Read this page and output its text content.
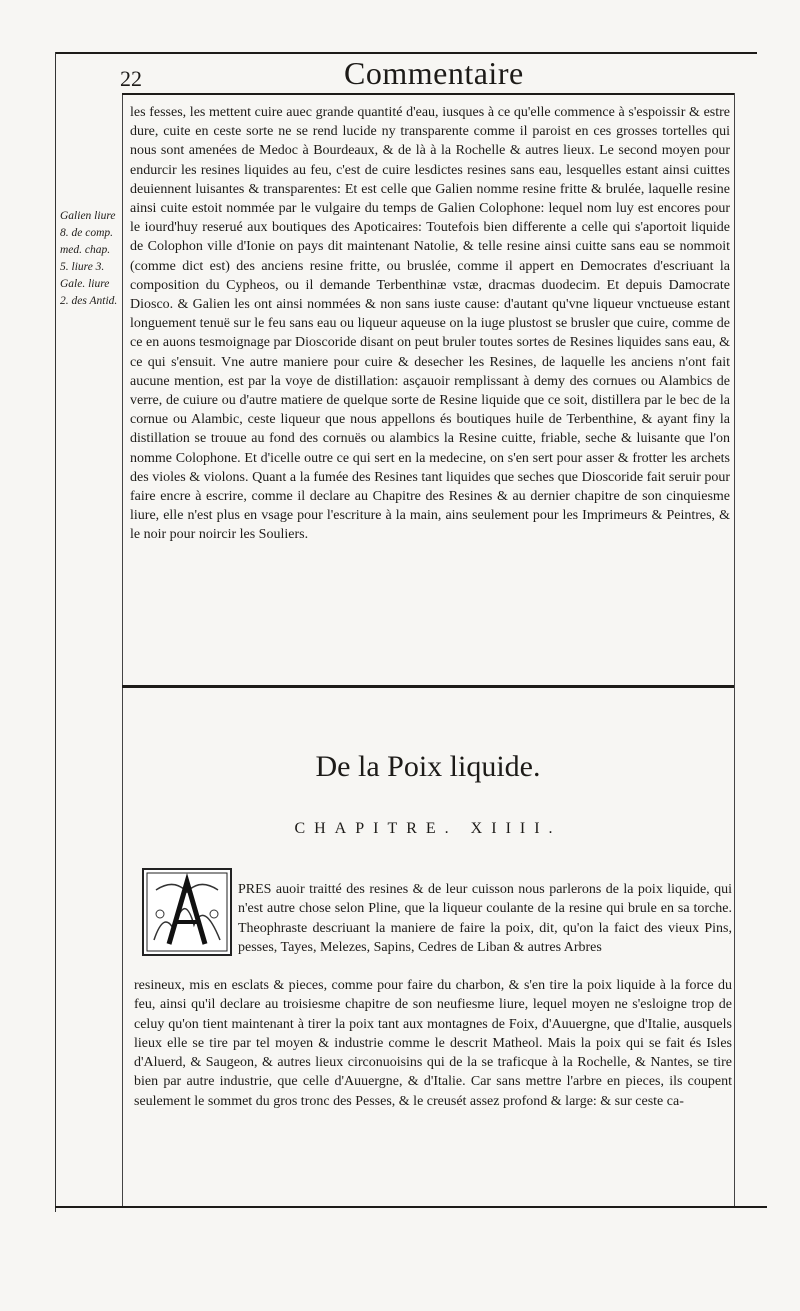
22	Commentaire
Galien liure 8. de comp. med. chap. 5. liure 3. Gale. liure 2. des Antid.
les fesses, les mettent cuire auec grande quantité d'eau, iusques à ce qu'elle commence à s'espoissir & estre dure, cuite en ceste sorte ne se rend lucide ny transparente comme il paroist en ces grosses tortelles qui nous sont amenées de Medoc à Bourdeaux, & de là à la Rochelle & autres lieux. Le second moyen pour endurcir les resines liquides au feu, c'est de cuire lesdictes resines sans eau, lesquelles estant ainsi cuittes deuiennent luisantes & transparentes: Et est celle que Galien nomme resine fritte & brulée, laquelle resine ainsi cuite estoit nommée par le vulgaire du temps de Galien Colophone: lequel nom luy est encores pour le iourd'huy reserué aux boutiques des Apoticaires: Toutefois bien differente a celle qui s'aportoit liquide de Colophon ville d'Ionie on pays dit maintenant Natolie, & telle resine ainsi cuitte sans eau se nommoit (comme dict est) des anciens resine fritte, ou bruslée, comme il appert en Democrates d'escriuant la composition du Cypheos, ou il demande Terbenthinæ vstæ, dracmas duodecim. Et depuis Damocrate Diosco. & Galien les ont ainsi nommées & non sans iuste cause: d'autant qu'vne liqueur vnctueuse estant longuement tenuë sur le feu sans eau ou liqueur aqueuse on la iuge plustost se brusler que cuire, comme de ce en auons tesmoignage par Dioscoride disant on peut bruler toutes sortes de Resines liquides sans eau, & ce qui s'ensuit. Vne autre maniere pour cuire & desecher les Resines, de laquelle les anciens n'ont fait aucune mention, est par la voye de distillation: asçauoir remplissant à demy des cornues ou Alambics de verre, de cuiure ou d'autre matiere de quelque sorte de Resine liquide que ce soit, distillera par le bec de la cornue ou Alambic, ceste liqueur que nous appellons és boutiques huile de Terbenthine, & ayant finy la distillation se trouue au fond des cornuës ou alambics la Resine cuitte, friable, seche & luisante que l'on nomme Colophone. Et d'icelle outre ce qui sert en la medecine, on s'en sert pour asser & frotter les archets des violes & violons. Quant a la fumée des Resines tant liquides que seches que Dioscoride fait seruir pour faire encre à escrire, comme il declare au Chapitre des Resines & au dernier chapitre de son cinquiesme liure, elle n'est plus en vsage pour l'escriture à la main, ains seulement pour les Imprimeurs & Peintres, & le noir pour noircir les Souliers.
De la Poix liquide.
CHAPITRE. XIIII.
PRES auoir traitté des resines & de leur cuisson nous parlerons de la poix liquide, qui n'est autre chose selon Pline, que la liqueur coulante de la resine qui brule en sa torche. Theophraste descriuant la maniere de faire la poix, dit, qu'on la faict des vieux Pins, pesses, Tayes, Melezes, Sapins, Cedres de Liban & autres Arbres
resineux, mis en esclats & pieces, comme pour faire du charbon, & s'en tire la poix liquide à la force du feu, ainsi qu'il declare au troisiesme chapitre de son neufiesme liure, lequel moyen ne s'esloigne trop de celuy qu'on tient maintenant à tirer la poix tant aux montagnes de Foix, d'Auuergne, que d'Italie, ausquels lieux elle se tire par tel moyen & industrie comme le descrit Matheol. Mais la poix qui se fait és Isles d'Aluerd, & Saugeon, & autres lieux circonuoisins qui de la se traficque à la Rochelle, & Nantes, se tire bien par autre industrie, que celle d'Auuergne, & d'Italie. Car sans mettre l'arbre en pieces, ils coupent seulement le sommet du gros tronc des Pesses, & le creusét assez profond & large: & sur ceste ca-
